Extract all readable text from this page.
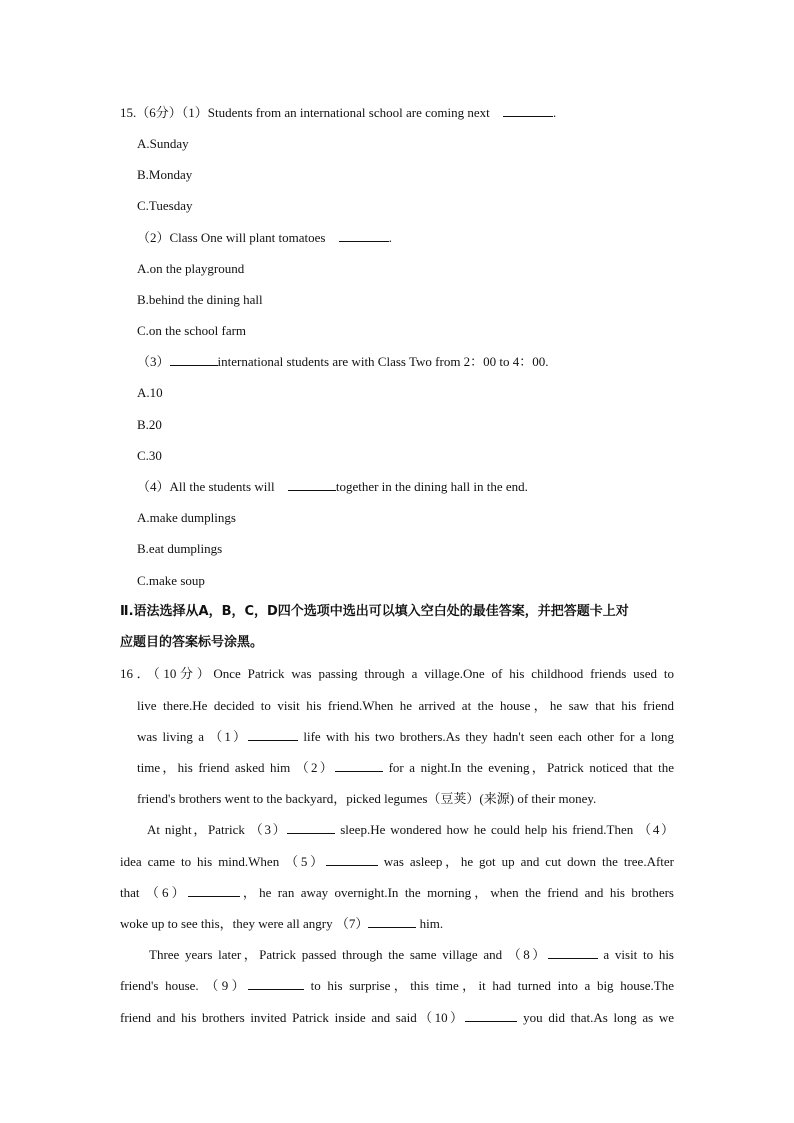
15.（6分）（1）Students from an international school are coming next	.
A.Sunday
B.Monday
C.Tuesday
（2）Class One will plant tomatoes	.
A.on the playground
B.behind the dining hall
C.on the school farm
（3）	international students are with Class Two from 2：00 to 4：00.
A.10
B.20
C.30
（4）All the students will	together in the dining hall in the end.
A.make dumplings
B.eat dumplings
C.make soup
Ⅱ.语法选择从A，B，C，D四个选项中选出可以填入空白处的最佳答案，并把答题卡上对
应题目的答案标号涂黑。
16．（10分）Once Patrick was passing through a village.One of his childhood friends used to
live there.He decided to visit his friend.When he arrived at the house，he saw that his friend
was living a （1）	life with his two brothers.As they hadn't seen each other for a long
time，his friend asked him （2）	for a night.In the evening，Patrick noticed that the
friend's brothers went to the backyard，picked legumes（豆荚）(来源) of their money.
At night，Patrick （3）	sleep.He wondered how he could help his friend.Then （4）
idea came to his mind.When （5）	was asleep，he got up and cut down the tree.After
that （6）	，he ran away overnight.In the morning，when the friend and his brothers
woke up to see this，they were all angry （7）	him.
Three years later，Patrick passed through the same village and （8）	a visit to his
friend's house. （9）	to his surprise，this time，it had turned into a big house.The
friend and his brothers invited Patrick inside and said（10）	you did that.As long as we
